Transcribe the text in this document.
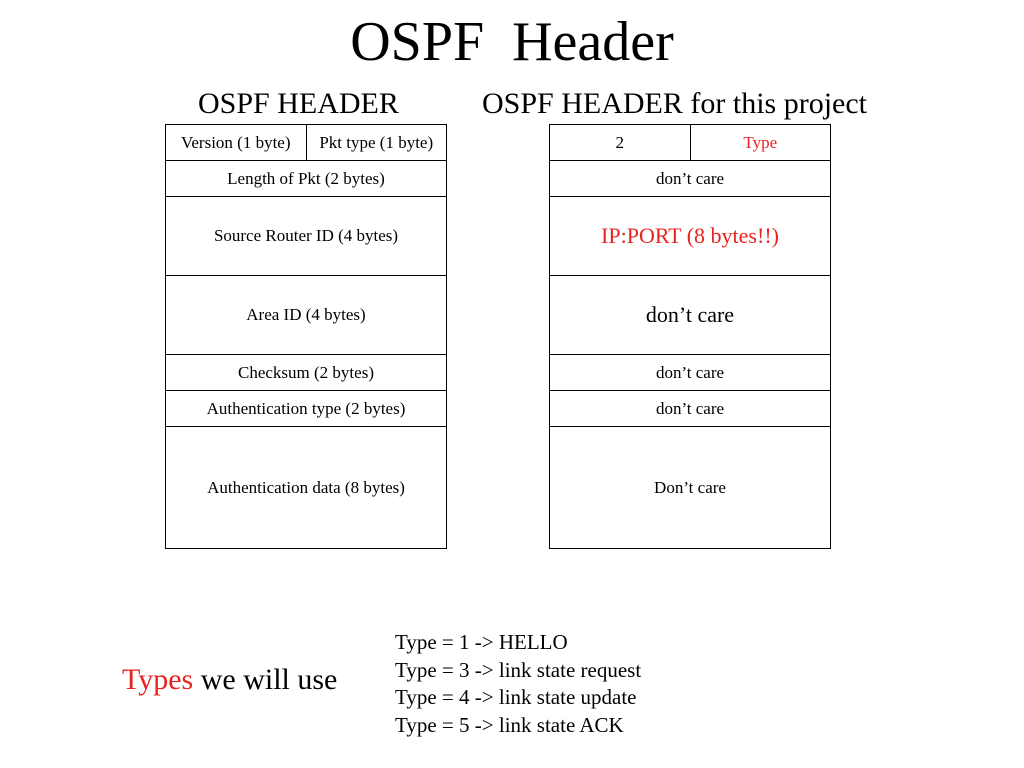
OSPF  Header
OSPF HEADER	OSPF HEADER for this project
Version (1 byte)	Pkt type (1 byte)
Length of Pkt (2 bytes)
Source Router ID (4 bytes)
Area ID (4 bytes)
Checksum (2 bytes)
Authentication type (2 bytes)
Authentication data (8 bytes)
2	Type
don’t care
IP:PORT (8 bytes!!)
don’t care
don’t care
don’t care
Don’t care
Types we will use
Type = 1 -> HELLO
Type = 3 -> link state request
Type = 4 -> link state update
Type = 5 -> link state ACK
